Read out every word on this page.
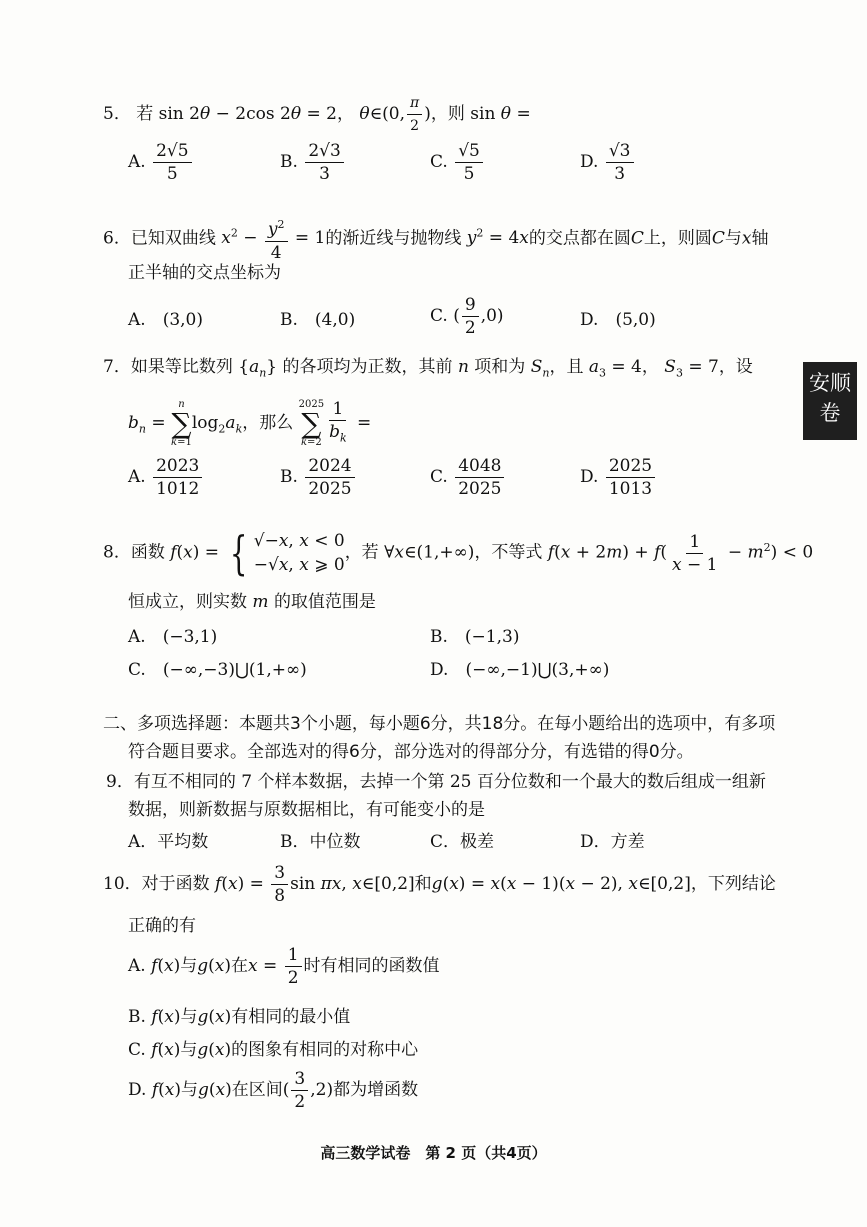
5． 若 sin 2θ − 2cos 2θ = 2， θ∈(0, $\frac{\pi}{2}$ )，则 sin θ =
A. $\frac{2√5}{5}$	B. $\frac{2√3}{3}$	C. $\frac{√5}{5}$	D. $\frac{√3}{3}$
6．已知双曲线 $x^2 - \frac{y^2}{4} = 1$的渐近线与抛物线 $y^2 = 4x$的交点都在圆C上，则圆C与x轴
正半轴的交点坐标为
A.　 (3,0)	B.　 (4,0)	C. ( $\frac{9}{2} ,0$)	D.　 (5,0)
7．如果等比数列 $\{a_n\}$ 的各项均为正数，其前 n 项和为 $S_n$，且 $a_3 = 4$， $S_3 = 7$，设
$b_n$ =
n
∑
k=1
$\log_2a_k$，那么
2025
∑
$k=2 \frac{1}{b_k}$ =
A. $\frac{2023}{1012}$	B. $\frac{2024}{2025}$	C. $\frac{4048}{2025}$	D. $\frac{2025}{1013}$
8．函数 f(x) = { √−x, x < 0
−√x, x ⩾ 0
，若 ∀x∈(1,+∞)，不等式 $f(x + 2m) + f( \frac{1}{x - 1} - m^2) < 0$
恒成立，则实数 m 的取值范围是
A.　 (−3,1)	B.　 (−1,3)
C.　 (−∞,−3)⋃(1,+∞)	D.　 (−∞,−1)⋃(3,+∞)
二、多项选择题：本题共3个小题，每小题6分，共18分。在每小题给出的选项中，有多项
符合题目要求。全部选对的得6分，部分选对的得部分分，有选错的得0分。
9．有互不相同的 7 个样本数据，去掉一个第 25 百分位数和一个最大的数后组成一组新
数据，则新数据与原数据相比，有可能变小的是
A．平均数	B．中位数	C．极差	D．方差
10．对于函数 $f(x) = \frac{3}{8}$ sin πx, x∈[0,2]和g(x) = x(x − 1)(x − 2), x∈[0,2]，下列结论
正确的有
A. f(x)与g(x)在$x = \frac{1}{2}$ 时有相同的函数值
B. f(x)与g(x)有相同的最小值
C. f(x)与g(x)的图象有相同的对称中心
D. f(x)与g(x)在区间( $\frac{3}{2} ,2$)都为增函数
安顺
卷
高三数学试卷　第 2 页（共4页）
